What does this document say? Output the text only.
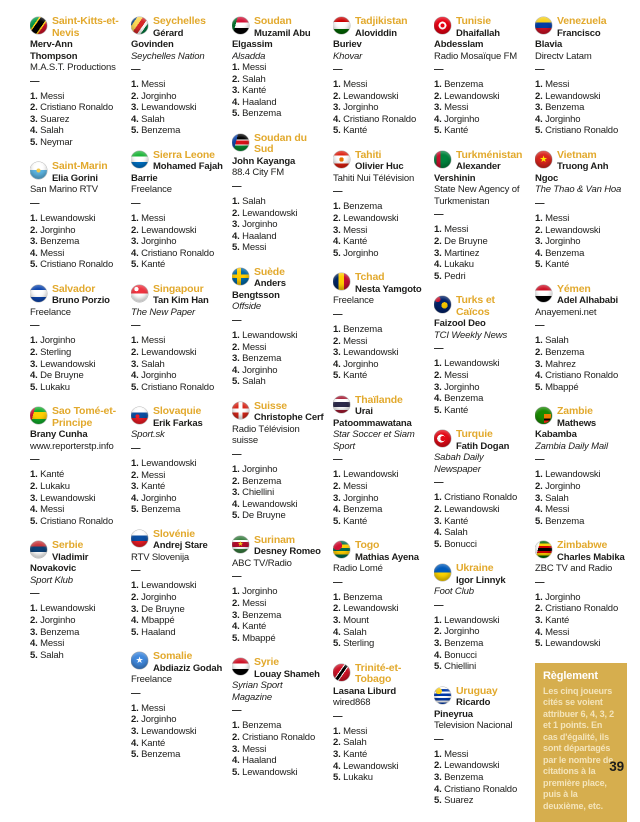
Saint-Kitts-et-Nevis
Merv-Ann Thompson
M.A.S.T. Productions
—
1. Messi
2. Cristiano Ronaldo
3. Suarez
4. Salah
5. Neymar
Saint-Marin
Elia Gorini
San Marino RTV
—
1. Lewandowski
2. Jorginho
3. Benzema
4. Messi
5. Cristiano Ronaldo
Salvador
Bruno Porzio
Freelance
—
1. Jorginho
2. Sterling
3. Lewandowski
4. De Bruyne
5. Lukaku
Sao Tomé-et-Principe
Brany Cunha
www.reporterstp.info
—
1. Kanté
2. Lukaku
3. Lewandowski
4. Messi
5. Cristiano Ronaldo
Serbie
Vladimir Novakovic
Sport Klub
—
1. Lewandowski
2. Jorginho
3. Benzema
4. Messi
5. Salah
Seychelles
Gérard Govinden
Seychelles Nation
—
1. Messi
2. Jorginho
3. Lewandowski
4. Salah
5. Benzema
Sierra Leone
Mohamed Fajah Barrie
Freelance
—
1. Messi
2. Lewandowski
3. Jorginho
4. Cristiano Ronaldo
5. Kanté
Singapour
Tan Kim Han
The New Paper
—
1. Messi
2. Lewandowski
3. Salah
4. Jorginho
5. Cristiano Ronaldo
Slovaquie
Erik Farkas
Sport.sk
—
1. Lewandowski
2. Messi
3. Kanté
4. Jorginho
5. Benzema
Slovénie
Andrej Stare
RTV Slovenija
—
1. Lewandowski
2. Jorginho
3. De Bruyne
4. Mbappé
5. Haaland
★
Somalie
Abdiaziz Godah
Freelance
—
1. Messi
2. Jorginho
3. Lewandowski
4. Kanté
5. Benzema
Soudan
Muzamil Abu Elgassim
Alsadda
1. Messi
2. Salah
3. Kanté
4. Haaland
5. Benzema
Soudan du Sud
John Kayanga
88.4 City FM
—
1. Salah
2. Lewandowski
3. Jorginho
4. Haaland
5. Messi
Suède
Anders Bengtsson
Offside
—
1. Lewandowski
2. Messi
3. Benzema
4. Jorginho
5. Salah
Suisse
Christophe Cerf
Radio Télévision suisse
—
1. Jorginho
2. Benzema
3. Chiellini
4. Lewandowski
5. De Bruyne
★
Surinam
Desney Romeo
ABC TV/Radio
—
1. Jorginho
2. Messi
3. Benzema
4. Kanté
5. Mbappé
Syrie
Louay Shameh
Syrian Sport Magazine
—
1. Benzema
2. Cristiano Ronaldo
3. Messi
4. Haaland
5. Lewandowski
Tadjikistan
Aloviddin Buriev
Khovar
—
1. Messi
2. Lewandowski
3. Jorginho
4. Cristiano Ronaldo
5. Kanté
Tahiti
Olivier Huc
Tahiti Nui Télévision
—
1. Benzema
2. Lewandowski
3. Messi
4. Kanté
5. Jorginho
Tchad
Nesta Yamgoto
Freelance
—
1. Benzema
2. Messi
3. Lewandowski
4. Jorginho
5. Kanté
Thaïlande
Urai Patoommawatana
Star Soccer et Siam Sport
—
1. Lewandowski
2. Messi
3. Jorginho
4. Benzema
5. Kanté
Togo
Mathias Ayena
Radio Lomé
—
1. Benzema
2. Lewandowski
3. Mount
4. Salah
5. Sterling
Trinité-et-Tobago
Lasana Liburd
wired868
—
1. Messi
2. Salah
3. Kanté
4. Lewandowski
5. Lukaku
Tunisie
Dhaifallah Abdesslam
Radio Mosaïque FM
—
1. Benzema
2. Lewandowski
3. Messi
4. Jorginho
5. Kanté
Turkménistan
Alexander Vershinin
State New Agency of Turkmenistan
—
1. Messi
2. De Bruyne
3. Martinez
4. Lukaku
5. Pedri
Turks et Caïcos
Faizool Deo
TCI Weekly News
—
1. Lewandowski
2. Messi
3. Jorginho
4. Benzema
5. Kanté
Turquie
Fatih Dogan
Sabah Daily Newspaper
—
1. Cristiano Ronaldo
2. Lewandowski
3. Kanté
4. Salah
5. Bonucci
Ukraine
Igor Linnyk
Foot Club
—
1. Lewandowski
2. Jorginho
3. Benzema
4. Bonucci
5. Chiellini
Uruguay
Ricardo Pineyrua
Television Nacional
—
1. Messi
2. Lewandowski
3. Benzema
4. Cristiano Ronaldo
5. Suarez
Venezuela
Francisco Blavia
Directv Latam
—
1. Messi
2. Lewandowski
3. Benzema
4. Jorginho
5. Cristiano Ronaldo
★
Vietnam
Truong Anh Ngoc
The Thao & Van Hoa
—
1. Messi
2. Lewandowski
3. Jorginho
4. Benzema
5. Kanté
Yémen
Adel Alhababi
Anayemeni.net
—
1. Salah
2. Benzema
3. Mahrez
4. Cristiano Ronaldo
5. Mbappé
Zambie
Mathews Kabamba
Zambia Daily Mail
—
1. Lewandowski
2. Jorginho
3. Salah
4. Messi
5. Benzema
Zimbabwe
Charles Mabika
ZBC TV and Radio
—
1. Jorginho
2. Cristiano Ronaldo
3. Kanté
4. Messi
5. Lewandowski
Règlement
Les cinq joueurs cités se voient attribuer 6, 4, 3, 2 et 1 points. En cas d'égalité, ils sont départagés par le nombre de citations à la première place, puis à la deuxième, etc.
39
